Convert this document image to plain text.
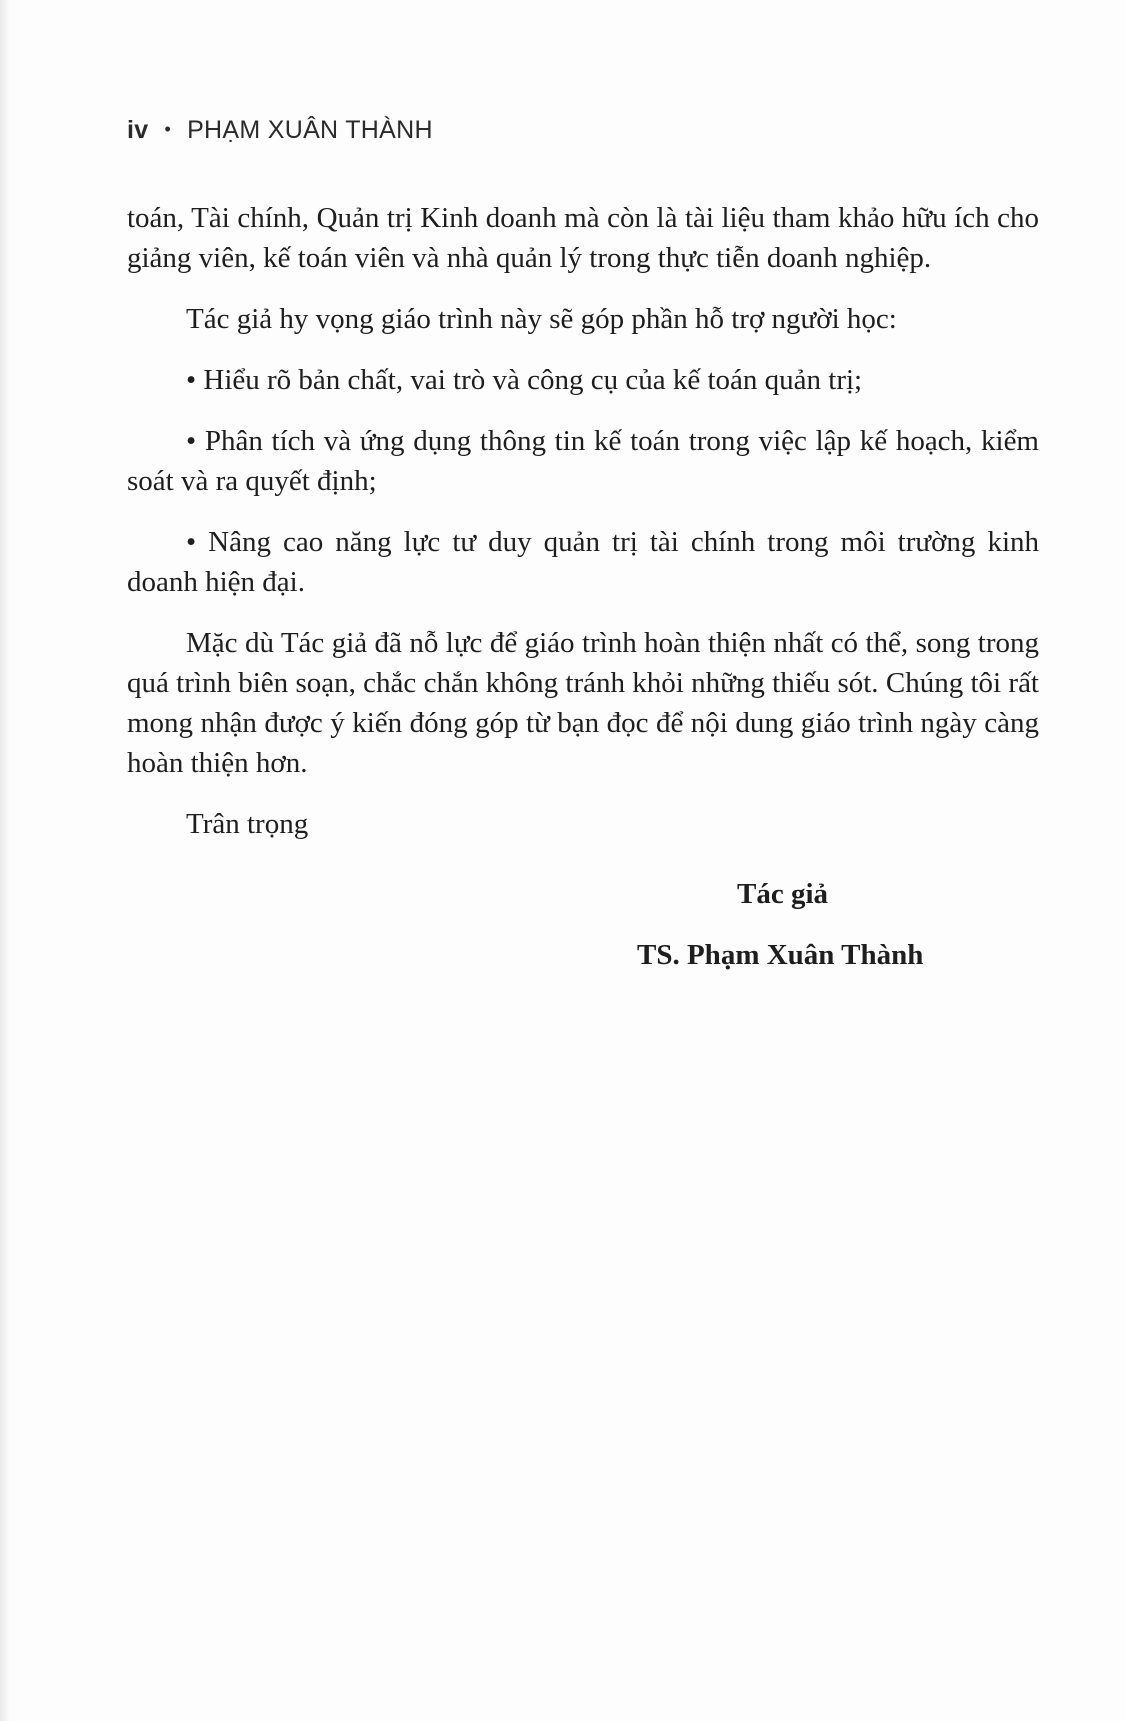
iv • PHẠM XUÂN THÀNH

toán, Tài chính, Quản trị Kinh doanh mà còn là tài liệu tham khảo hữu ích cho giảng viên, kế toán viên và nhà quản lý trong thực tiễn doanh nghiệp.

Tác giả hy vọng giáo trình này sẽ góp phần hỗ trợ người học:

• Hiểu rõ bản chất, vai trò và công cụ của kế toán quản trị;

• Phân tích và ứng dụng thông tin kế toán trong việc lập kế hoạch, kiểm soát và ra quyết định;

• Nâng cao năng lực tư duy quản trị tài chính trong môi trường kinh doanh hiện đại.

Mặc dù Tác giả đã nỗ lực để giáo trình hoàn thiện nhất có thể, song trong quá trình biên soạn, chắc chắn không tránh khỏi những thiếu sót. Chúng tôi rất mong nhận được ý kiến đóng góp từ bạn đọc để nội dung giáo trình ngày càng hoàn thiện hơn.

Trân trọng

Tác giả
TS. Phạm Xuân Thành
